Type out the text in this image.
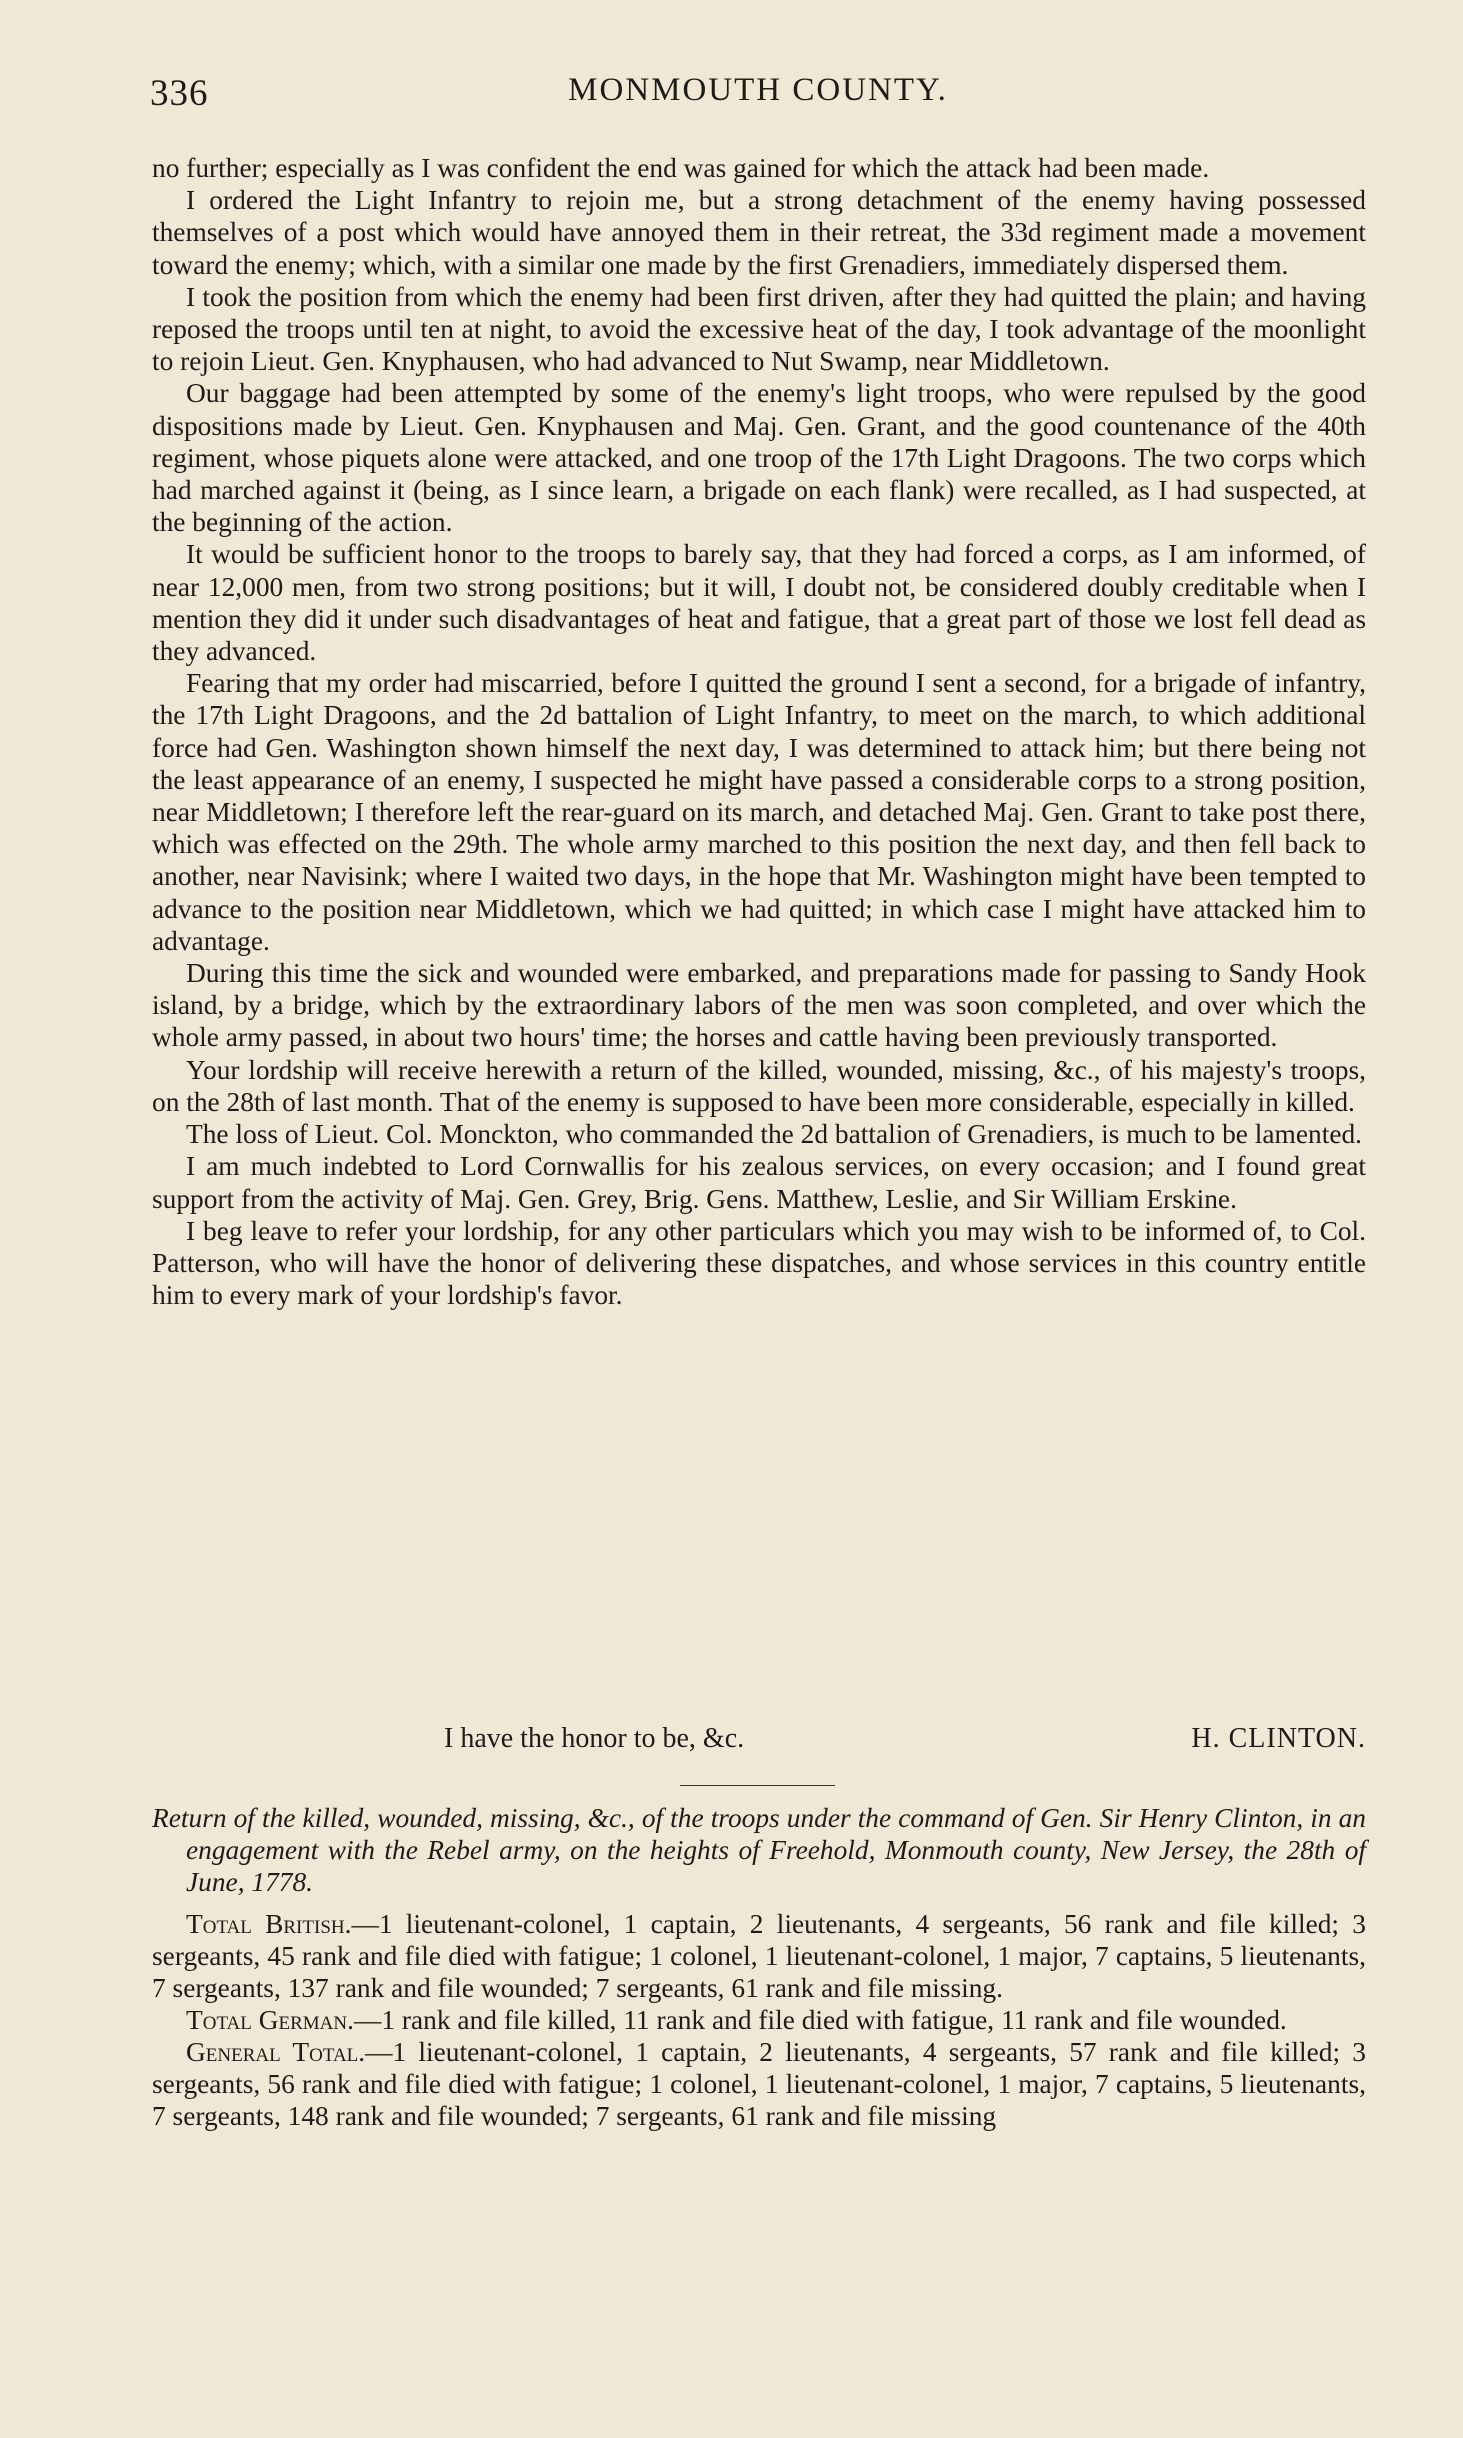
336	MONMOUTH COUNTY.

no further; especially as I was confident the end was gained for which the attack had been made.

I ordered the Light Infantry to rejoin me, but a strong detachment of the enemy having possessed themselves of a post which would have annoyed them in their retreat, the 33d regiment made a movement toward the enemy; which, with a similar one made by the first Grenadiers, immediately dispersed them.

I took the position from which the enemy had been first driven, after they had quitted the plain; and having reposed the troops until ten at night, to avoid the excessive heat of the day, I took advantage of the moonlight to rejoin Lieut. Gen. Knyphausen, who had advanced to Nut Swamp, near Middletown.

Our baggage had been attempted by some of the enemy's light troops, who were repulsed by the good dispositions made by Lieut. Gen. Knyphausen and Maj. Gen. Grant, and the good countenance of the 40th regiment, whose piquets alone were attacked, and one troop of the 17th Light Dragoons. The two corps which had marched against it (being, as I since learn, a brigade on each flank) were recalled, as I had suspected, at the beginning of the action.

It would be sufficient honor to the troops to barely say, that they had forced a corps, as I am informed, of near 12,000 men, from two strong positions; but it will, I doubt not, be considered doubly creditable when I mention they did it under such disadvantages of heat and fatigue, that a great part of those we lost fell dead as they advanced.

Fearing that my order had miscarried, before I quitted the ground I sent a second, for a brigade of infantry, the 17th Light Dragoons, and the 2d battalion of Light Infantry, to meet on the march, to which additional force had Gen. Washington shown himself the next day, I was determined to attack him; but there being not the least appearance of an enemy, I suspected he might have passed a considerable corps to a strong position, near Middletown; I therefore left the rear-guard on its march, and detached Maj. Gen. Grant to take post there, which was effected on the 29th. The whole army marched to this position the next day, and then fell back to another, near Navisink; where I waited two days, in the hope that Mr. Washington might have been tempted to advance to the position near Middletown, which we had quitted; in which case I might have attacked him to advantage.

During this time the sick and wounded were embarked, and preparations made for passing to Sandy Hook island, by a bridge, which by the extraordinary labors of the men was soon completed, and over which the whole army passed, in about two hours' time; the horses and cattle having been previously transported.

Your lordship will receive herewith a return of the killed, wounded, missing, &c., of his majesty's troops, on the 28th of last month. That of the enemy is supposed to have been more considerable, especially in killed.

The loss of Lieut. Col. Monckton, who commanded the 2d battalion of Grenadiers, is much to be lamented.

I am much indebted to Lord Cornwallis for his zealous services, on every occasion; and I found great support from the activity of Maj. Gen. Grey, Brig. Gens. Matthew, Leslie, and Sir William Erskine.

I beg leave to refer your lordship, for any other particulars which you may wish to be informed of, to Col. Patterson, who will have the honor of delivering these dispatches, and whose services in this country entitle him to every mark of your lordship's favor.

I have the honor to be, &c.	H. CLINTON.

Return of the killed, wounded, missing, &c., of the troops under the command of Gen. Sir Henry Clinton, in an engagement with the Rebel army, on the heights of Freehold, Monmouth county, New Jersey, the 28th of June, 1778.

Total British.—1 lieutenant-colonel, 1 captain, 2 lieutenants, 4 sergeants, 56 rank and file killed; 3 sergeants, 45 rank and file died with fatigue; 1 colonel, 1 lieutenant-colonel, 1 major, 7 captains, 5 lieutenants, 7 sergeants, 137 rank and file wounded; 7 sergeants, 61 rank and file missing.

Total German.—1 rank and file killed, 11 rank and file died with fatigue, 11 rank and file wounded.

General Total.—1 lieutenant-colonel, 1 captain, 2 lieutenants, 4 sergeants, 57 rank and file killed; 3 sergeants, 56 rank and file died with fatigue; 1 colonel, 1 lieutenant-colonel, 1 major, 7 captains, 5 lieutenants, 7 sergeants, 148 rank and file wounded; 7 sergeants, 61 rank and file missing
